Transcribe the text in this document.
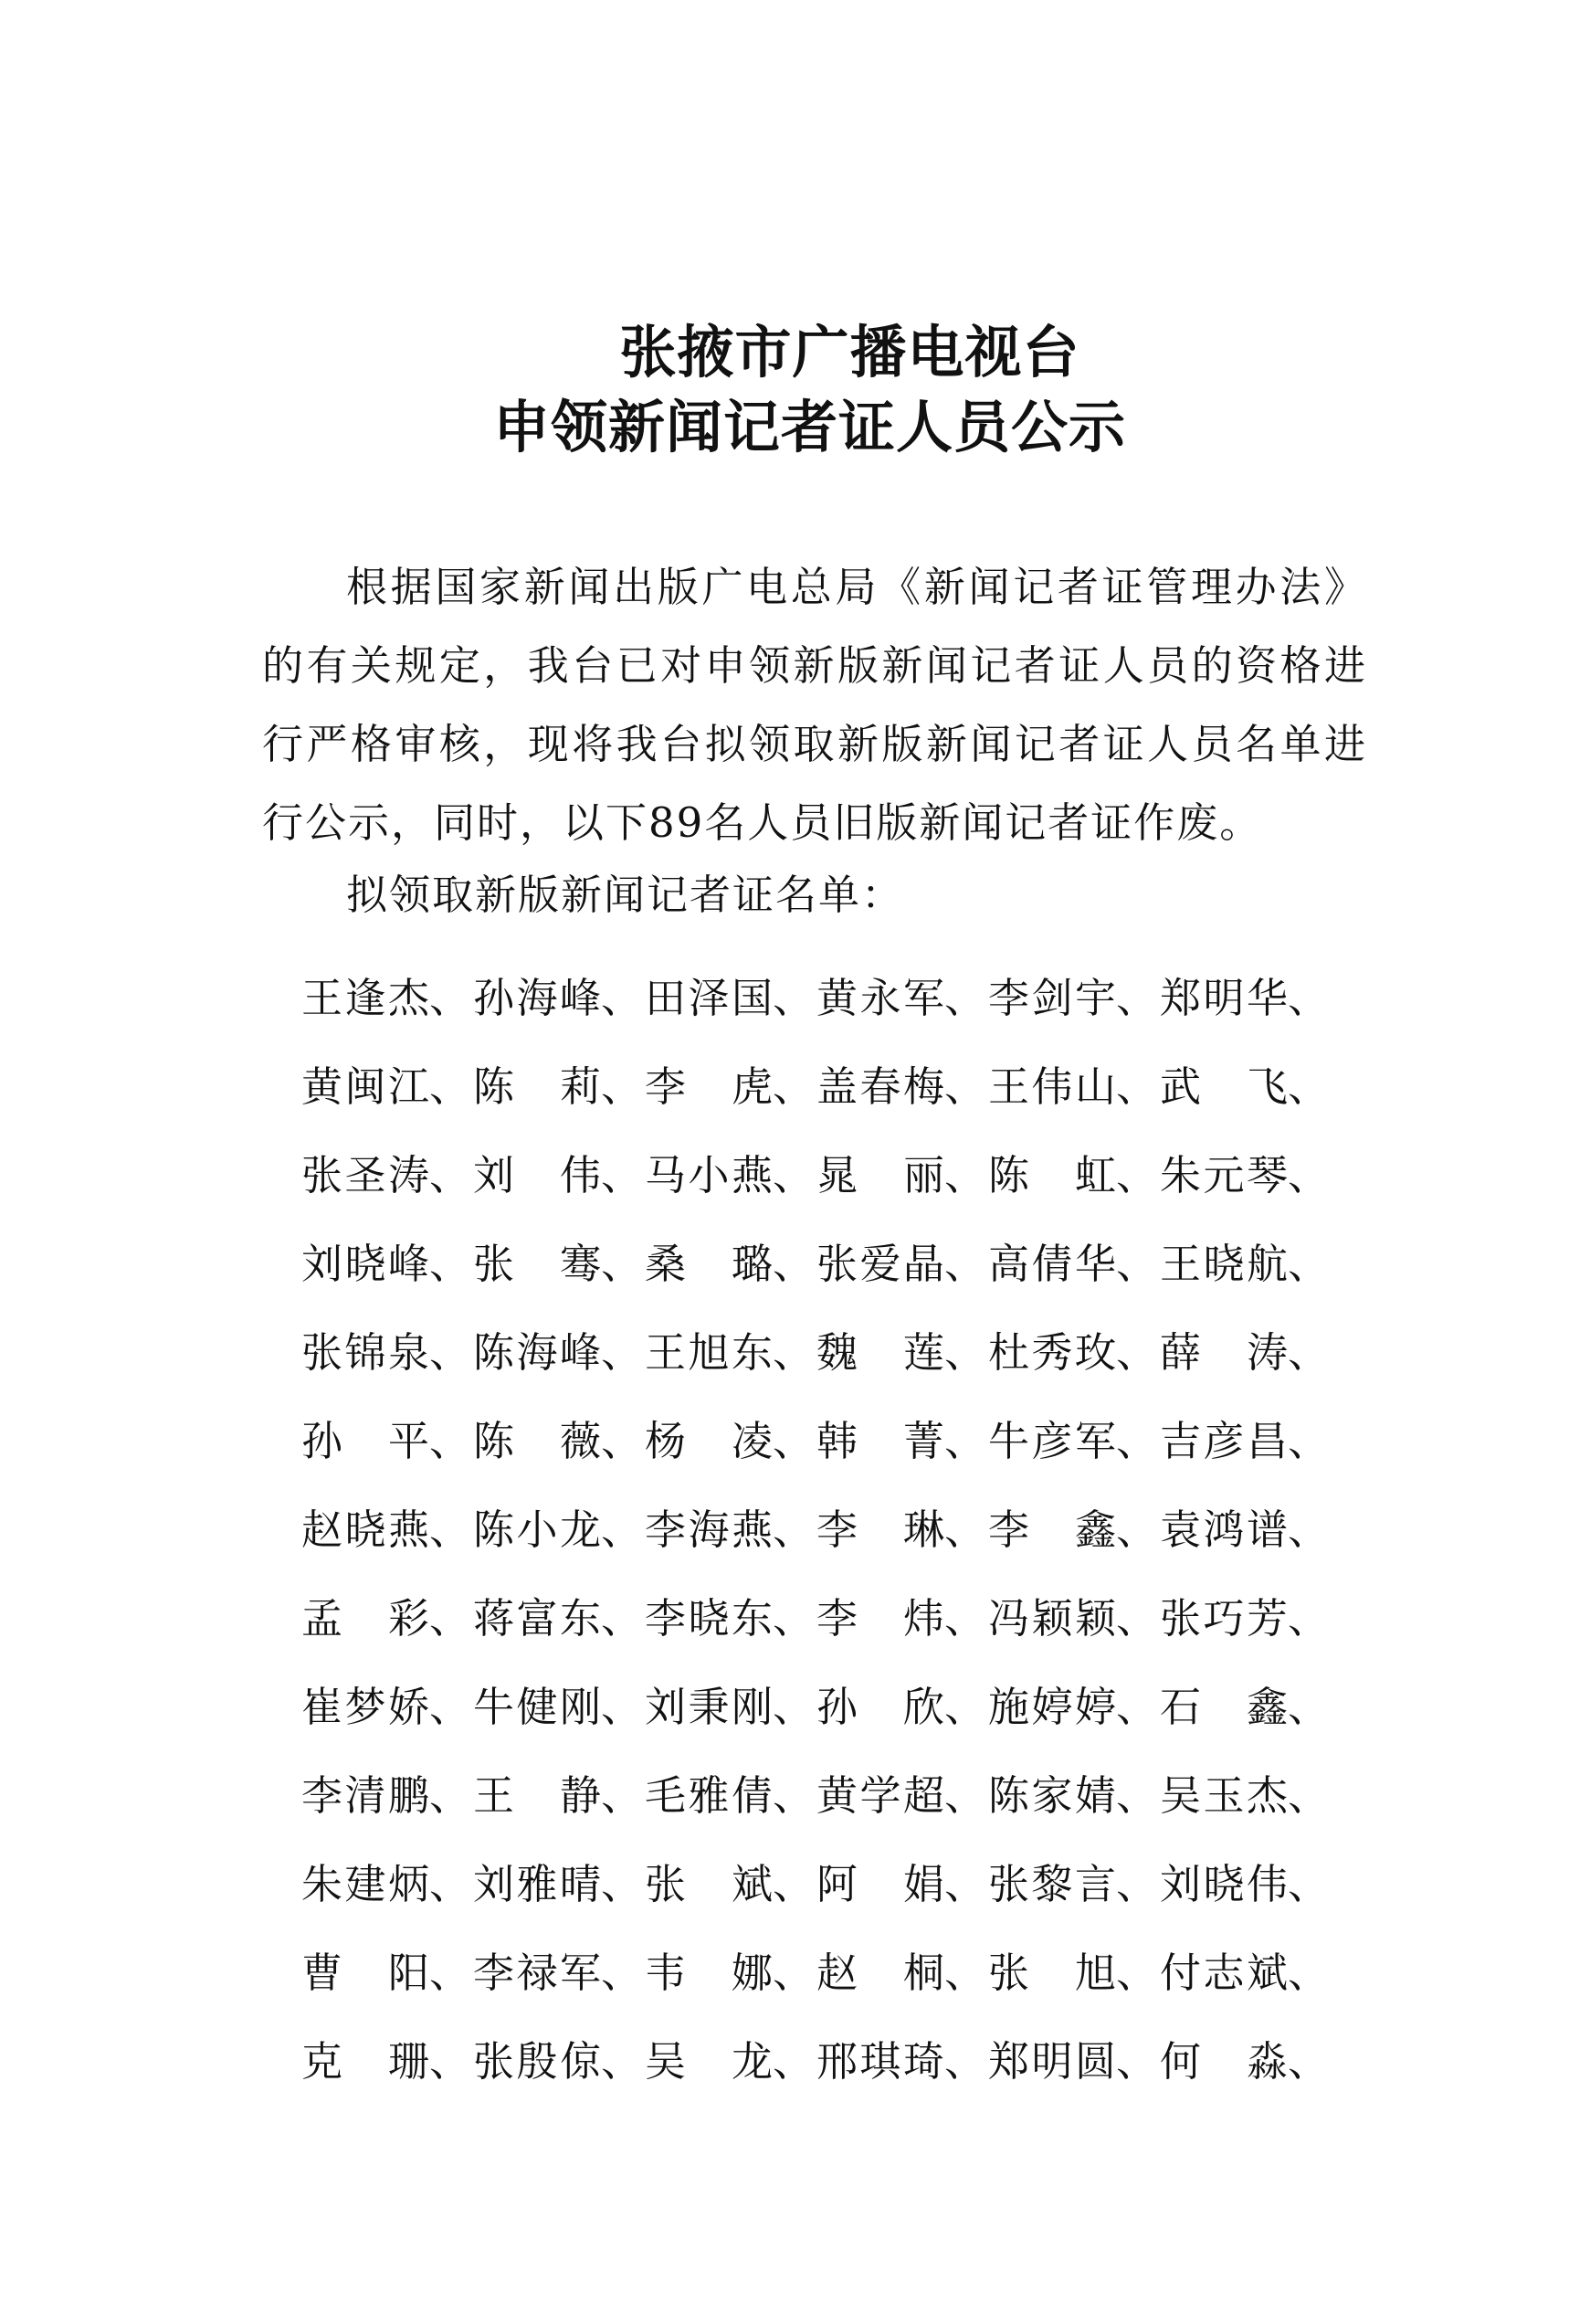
张掖市广播电视台
申领新闻记者证人员公示
根据国家新闻出版广电总局《新闻记者证管理办法》的有关规定，我台已对申领新版新闻记者证人员的资格进行严格审核，现将我台拟领取新版新闻记者证人员名单进行公示，同时，以下89名人员旧版新闻记者证作废。
拟领取新版新闻记者证名单：
王逢杰 、 孙海峰 、 田泽国 、 黄永军 、 李剑宇 、 郑明华 、
黄闽江 、 陈莉 、 李虎 、 盖春梅 、 王伟山 、 武飞 、
张圣涛 、 刘伟 、 马小燕 、 晁丽 、 陈虹 、 朱元琴 、
刘晓峰 、 张骞 、 桑璐 、 张爱晶 、 高倩华 、 王晓航 、
张锦泉 、 陈海峰 、 王旭东 、 魏莲 、 杜秀玫 、 薛涛 、
孙平 、 陈薇 、 杨凌 、 韩菁 、 牛彦军 、 吉彦昌 、
赵晓燕 、 陈小龙 、 李海燕 、 李琳 、 李鑫 、 袁鸿谱 、
孟彩 、 蒋富东 、 李晓东 、 李炜 、 冯颖颖 、 张巧芳 、
崔梦娇 、 牛健刚 、 刘秉刚 、 孙欣 、 施婷婷 、 石鑫 、
李清鹏 、 王静 、 毛雅倩 、 黄学超 、 陈家婧 、 吴玉杰 、
朱建炳 、 刘雅晴 、 张斌 、 阿娟 、 张黎言 、 刘晓伟 、
曹阳 、 李禄军 、 韦娜 、 赵桐 、 张旭 、 付志斌 、
克珊 、 张殷倞 、 吴龙 、 邢琪琦 、 郑明圆 、 何淼 、
